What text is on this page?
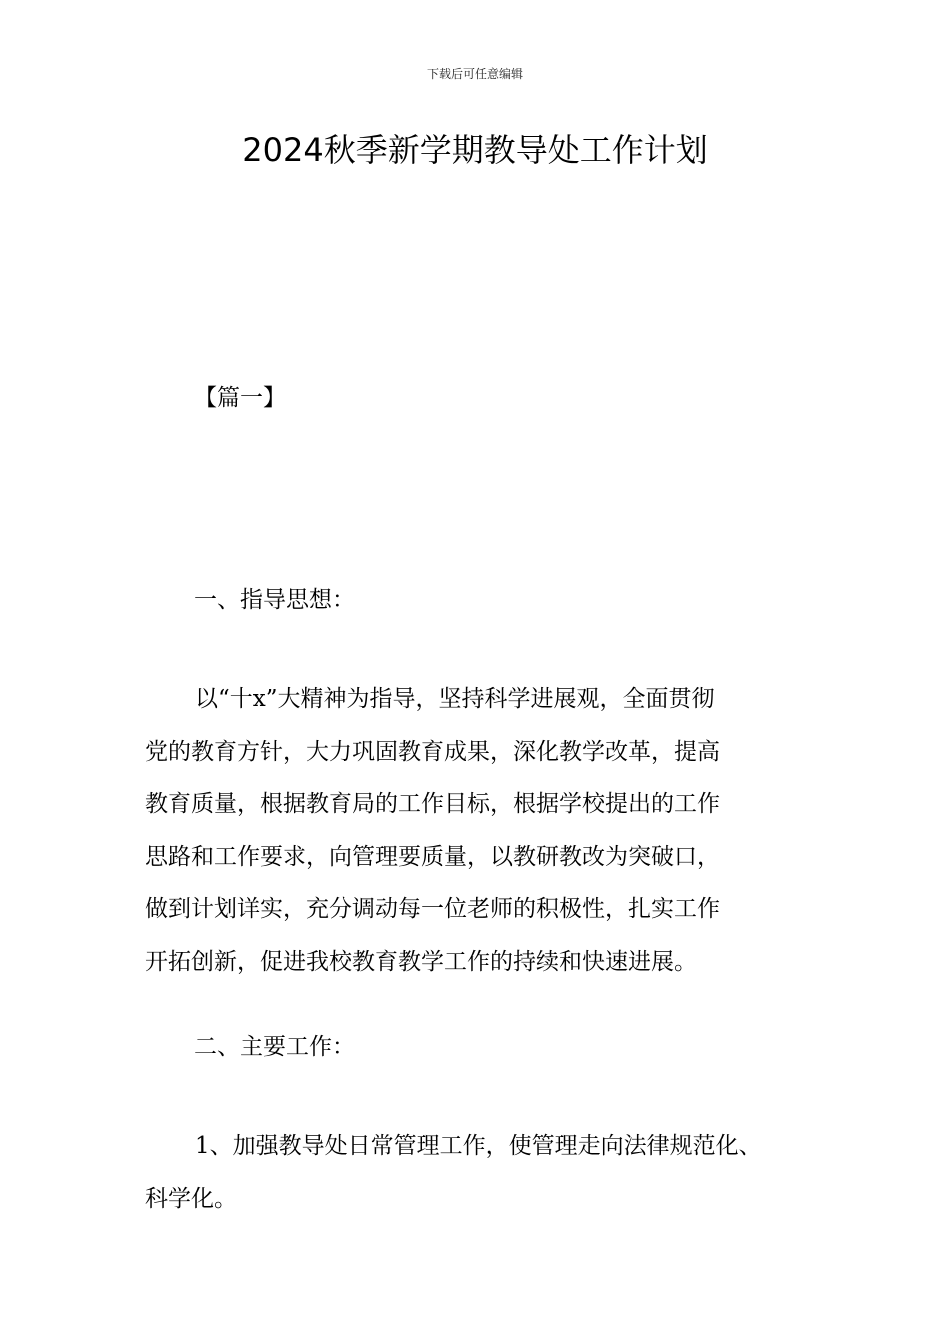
下载后可任意编辑
2024秋季新学期教导处工作计划
【篇一】
一、指导思想：

以“十x”大精神为指导，坚持科学进展观，全面贯彻
党的教育方针，大力巩固教育成果，深化教学改革，提高
教育质量，根据教育局的工作目标，根据学校提出的工作
思路和工作要求，向管理要质量，以教研教改为突破口，
做到计划详实，充分调动每一位老师的积极性，扎实工作
开拓创新，促进我校教育教学工作的持续和快速进展。

二、主要工作：

1、加强教导处日常管理工作，使管理走向法律规范化、
科学化。
